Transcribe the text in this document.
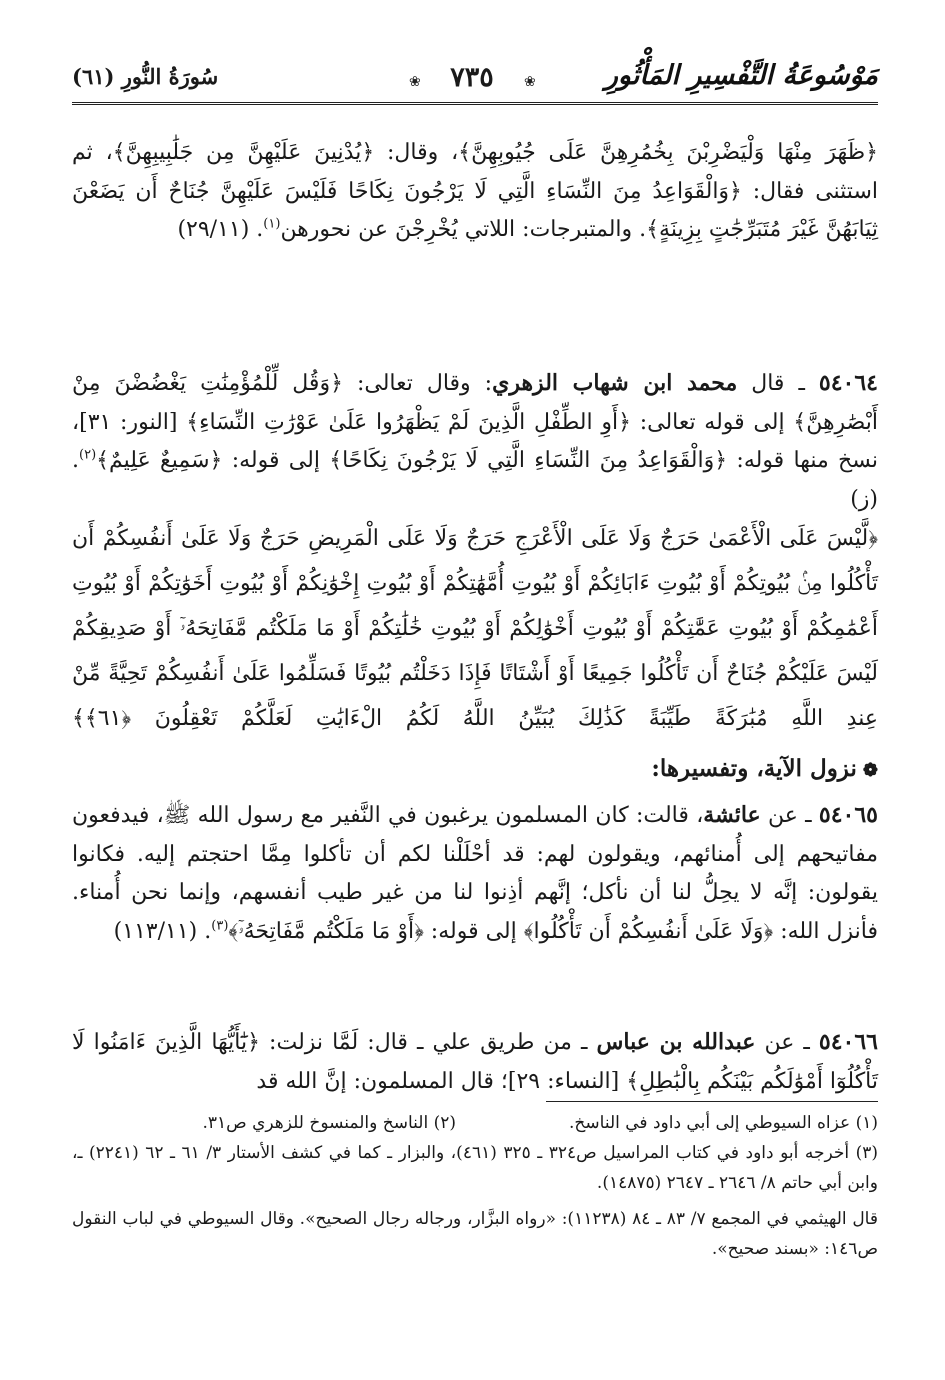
مَوْسُوعَةُ التَّفْسِيرِ المَأْثُورِ
❀	٧٣٥	❀
سُورَةُ النُّورِ (٦١)

﴿ظَهَرَ مِنْهَا وَلْيَضْرِبْنَ بِخُمُرِهِنَّ عَلَى جُيُوبِهِنَّ﴾، وقال: ﴿يُدْنِينَ عَلَيْهِنَّ مِن جَلَٰبِيبِهِنَّ﴾، ثم استثنى فقال: ﴿وَالْقَوَاعِدُ مِنَ النِّسَاءِ الَّتِي لَا يَرْجُونَ نِكَاحًا فَلَيْسَ عَلَيْهِنَّ جُنَاحٌ أَن يَضَعْنَ ثِيَابَهُنَّ غَيْرَ مُتَبَرِّجَٰتٍ بِزِينَةٍ﴾. والمتبرجات: اللاتي يُخْرِجْنَ عن نحورهن$^{(١)}$. (٢٩/١١)

٥٤٠٦٤ ـ قال محمد ابن شهاب الزهري: وقال تعالى: ﴿وَقُل لِّلْمُؤْمِنَٰتِ يَغْضُضْنَ مِنْ أَبْصَٰرِهِنَّ﴾ إلى قوله تعالى: ﴿أَوِ الطِّفْلِ الَّذِينَ لَمْ يَظْهَرُوا عَلَىٰ عَوْرَٰتِ النِّسَاءِ﴾ [النور: ٣١]، نسخ منها قوله: ﴿وَالْقَوَاعِدُ مِنَ النِّسَاءِ الَّتِي لَا يَرْجُونَ نِكَاحًا﴾ إلى قوله: ﴿سَمِيعٌ عَلِيمٌ﴾$^{(٢)}$. (ز)

﴿لَّيْسَ عَلَى الْأَعْمَىٰ حَرَجٌ وَلَا عَلَى الْأَعْرَجِ حَرَجٌ وَلَا عَلَى الْمَرِيضِ حَرَجٌ وَلَا عَلَىٰ أَنفُسِكُمْ أَن تَأْكُلُوا مِنۢ بُيُوتِكُمْ أَوْ بُيُوتِ ءَابَائِكُمْ أَوْ بُيُوتِ أُمَّهَٰتِكُمْ أَوْ بُيُوتِ إِخْوَٰنِكُمْ أَوْ بُيُوتِ أَخَوَٰتِكُمْ أَوْ بُيُوتِ أَعْمَٰمِكُمْ أَوْ بُيُوتِ عَمَّٰتِكُمْ أَوْ بُيُوتِ أَخْوَٰلِكُمْ أَوْ بُيُوتِ خَٰلَٰتِكُمْ أَوْ مَا مَلَكْتُم مَّفَاتِحَهُۥٓ أَوْ صَدِيقِكُمْ لَيْسَ عَلَيْكُمْ جُنَاحٌ أَن تَأْكُلُوا جَمِيعًا أَوْ أَشْتَاتًا فَإِذَا دَخَلْتُم بُيُوتًا فَسَلِّمُوا عَلَىٰ أَنفُسِكُمْ تَحِيَّةً مِّنْ عِندِ اللَّهِ مُبَٰرَكَةً طَيِّبَةً كَذَٰلِكَ يُبَيِّنُ اللَّهُ لَكُمُ الْءَايَٰتِ لَعَلَّكُمْ تَعْقِلُونَ ﴿٦١﴾﴾

❁نزول الآية، وتفسيرها:

٥٤٠٦٥ ـ عن عائشة، قالت: كان المسلمون يرغبون في النَّفير مع رسول الله ﷺ، فيدفعون مفاتيحهم إلى أُمنائهم، ويقولون لهم: قد أحْلَلْنا لكم أن تأكلوا مِمَّا احتجتم إليه. فكانوا يقولون: إنَّه لا يحِلُّ لنا أن نأكل؛ إنَّهم أذِنوا لنا من غير طيب أنفسهم، وإنما نحن أُمناء. فأنزل الله: ﴿وَلَا عَلَىٰ أَنفُسِكُمْ أَن تَأْكُلُوا﴾ إلى قوله: ﴿أَوْ مَا مَلَكْتُم مَّفَاتِحَهُۥٓ﴾$^{(٣)}$. (١١٣/١١)

٥٤٠٦٦ ـ عن عبدالله بن عباس ـ من طريق علي ـ قال: لَمَّا نزلت: ﴿يَٰٓأَيُّهَا الَّذِينَ ءَامَنُوا لَا تَأْكُلُوٓا أَمْوَٰلَكُم بَيْنَكُم بِالْبَٰطِلِ﴾ [النساء: ٢٩]؛ قال المسلمون: إنَّ الله قد

(١) عزاه السيوطي إلى أبي داود في الناسخ.
(٢) الناسخ والمنسوخ للزهري ص٣١.

(٣) أخرجه أبو داود في كتاب المراسيل ص٣٢٤ ـ ٣٢٥ (٤٦١)، والبزار ـ كما في كشف الأستار ٣/ ٦١ ـ ٦٢ (٢٢٤١) ـ، وابن أبي حاتم ٨/ ٢٦٤٦ ـ ٢٦٤٧ (١٤٨٧٥).

قال الهيثمي في المجمع ٧/ ٨٣ ـ ٨٤ (١١٢٣٨): «رواه البزَّار، ورجاله رجال الصحيح». وقال السيوطي في لباب النقول ص١٤٦: «بسند صحيح».
